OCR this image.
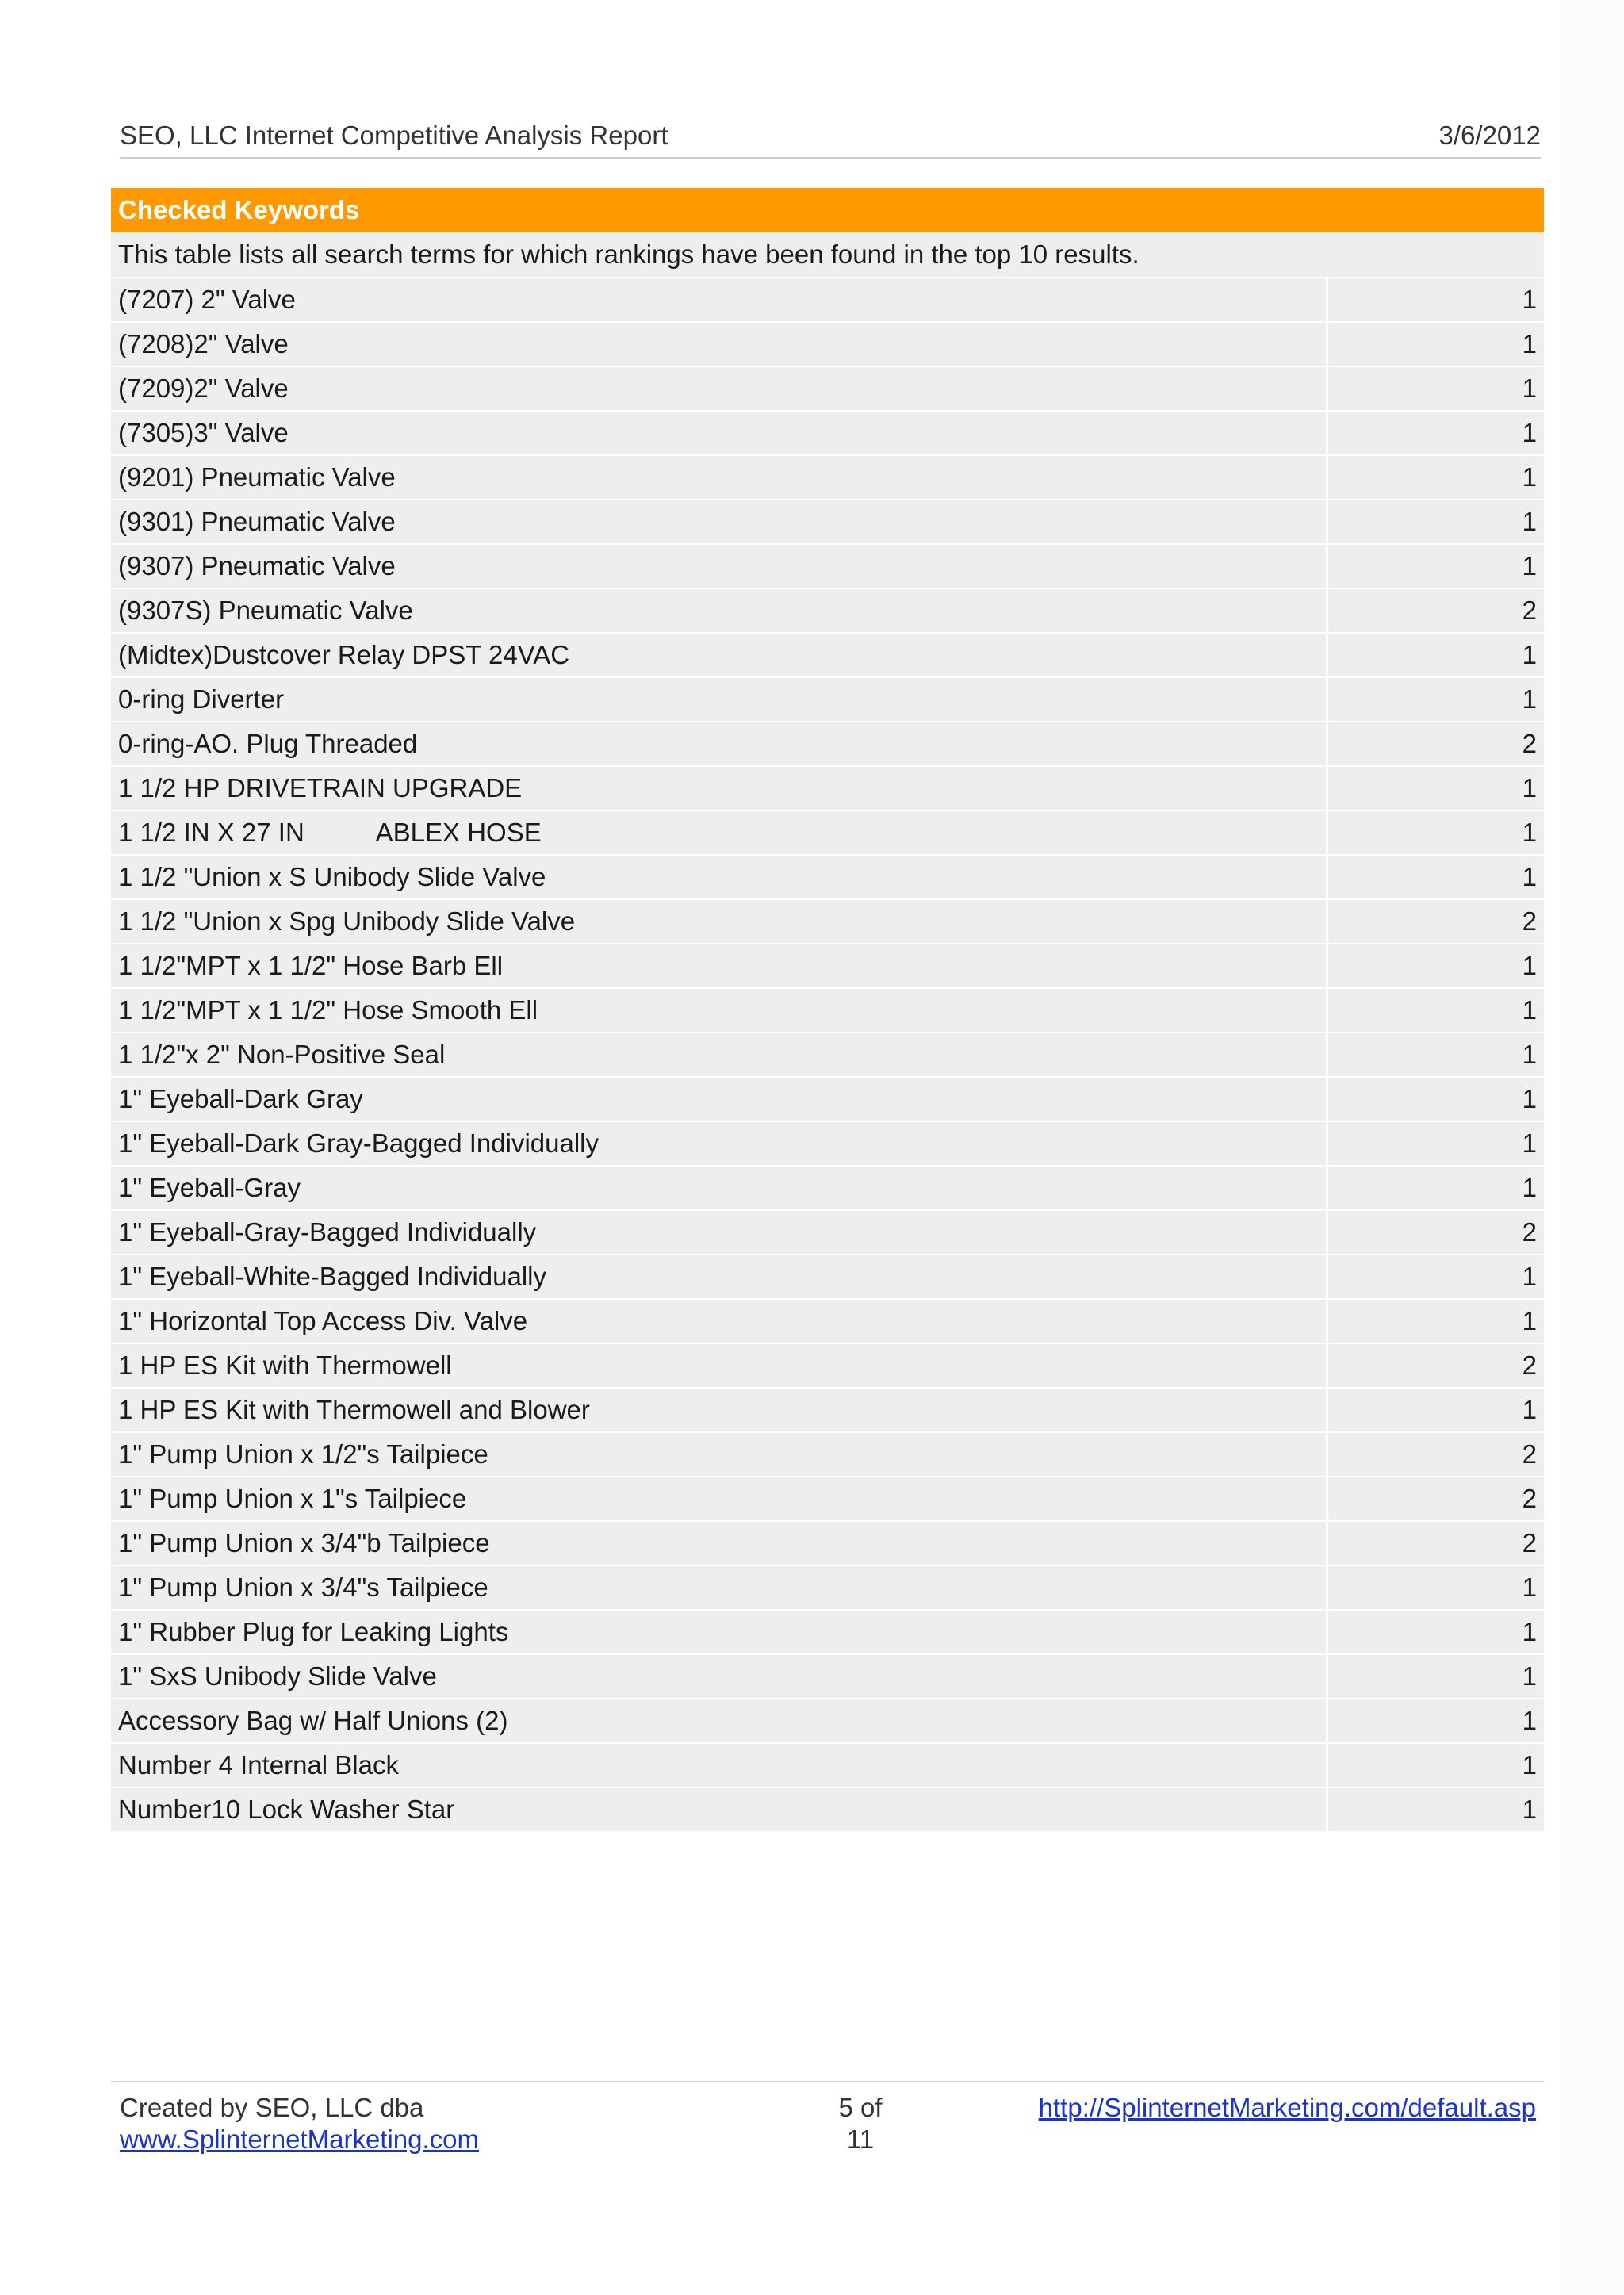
SEO, LLC Internet Competitive Analysis Report	3/6/2012
Checked Keywords	
This table lists all search terms for which rankings have been found in the top 10 results.	
(7207) 2" Valve	1
(7208)2" Valve	1
(7209)2" Valve	1
(7305)3" Valve	1
(9201) Pneumatic Valve	1
(9301) Pneumatic Valve	1
(9307) Pneumatic Valve	1
(9307S) Pneumatic Valve	2
(Midtex)Dustcover Relay DPST 24VAC	1
0-ring Diverter	1
0-ring-AO. Plug Threaded	2
1 1/2 HP DRIVETRAIN UPGRADE	1
1 1/2 IN X 27 IN          ABLEX HOSE	1
1 1/2 "Union x S Unibody Slide Valve	1
1 1/2 "Union x Spg Unibody Slide Valve	2
1 1/2"MPT x 1 1/2" Hose Barb Ell	1
1 1/2"MPT x 1 1/2" Hose Smooth Ell	1
1 1/2"x 2" Non-Positive Seal	1
1" Eyeball-Dark Gray	1
1" Eyeball-Dark Gray-Bagged Individually	1
1" Eyeball-Gray	1
1" Eyeball-Gray-Bagged Individually	2
1" Eyeball-White-Bagged Individually	1
1" Horizontal Top Access Div. Valve	1
1 HP ES Kit with Thermowell	2
1 HP ES Kit with Thermowell and Blower	1
1" Pump Union x 1/2"s Tailpiece	2
1" Pump Union x 1"s Tailpiece	2
1" Pump Union x 3/4"b Tailpiece	2
1" Pump Union x 3/4"s Tailpiece	1
1" Rubber Plug for Leaking Lights	1
1" SxS Unibody Slide Valve	1
Accessory Bag w/ Half Unions (2)	1
Number 4 Internal Black	1
Number10 Lock Washer Star	1
Created by SEO, LLC dba
www.SplinternetMarketing.com
5 of
11
http://SplinternetMarketing.com/default.asp
